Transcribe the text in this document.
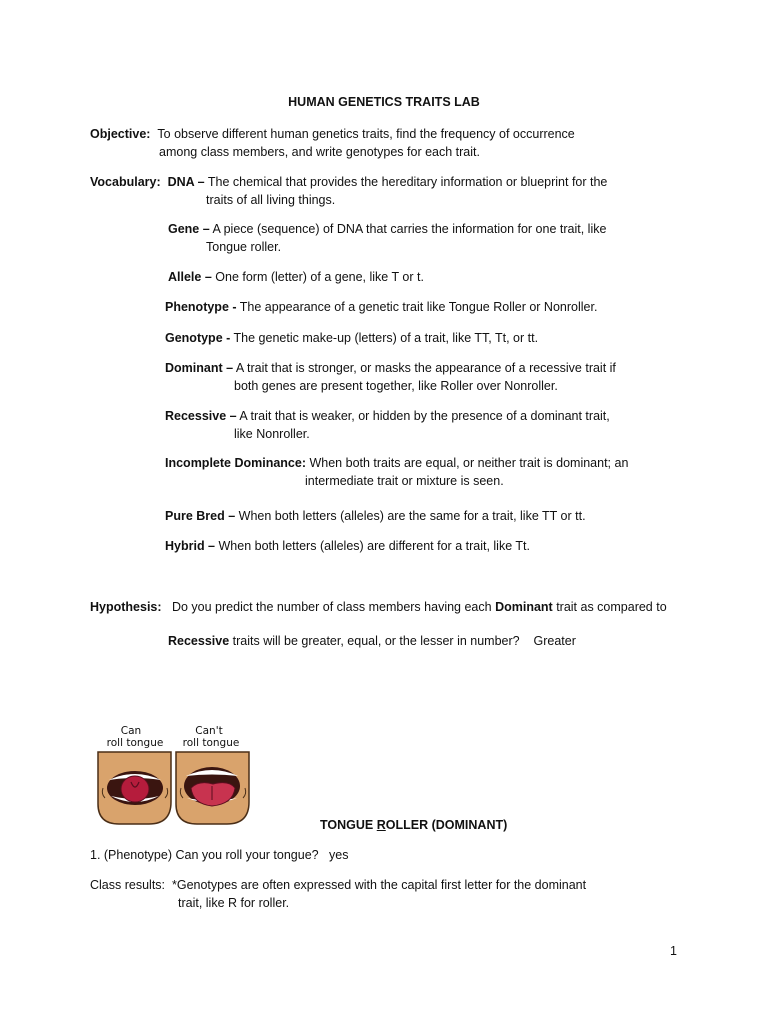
HUMAN GENETICS TRAITS LAB
Objective: To observe different human genetics traits, find the frequency of occurrence
among class members, and write genotypes for each trait.
Vocabulary: DNA – The chemical that provides the hereditary information or blueprint for the
traits of all living things.
Gene – A piece (sequence) of DNA that carries the information for one trait, like
Tongue roller.
Allele – One form (letter) of a gene, like T or t.
Phenotype - The appearance of a genetic trait like Tongue Roller or Nonroller.
Genotype - The genetic make-up (letters) of a trait, like TT, Tt, or tt.
Dominant – A trait that is stronger, or masks the appearance of a recessive trait if
both genes are present together, like Roller over Nonroller.
Recessive – A trait that is weaker, or hidden by the presence of a dominant trait,
like Nonroller.
Incomplete Dominance: When both traits are equal, or neither trait is dominant; an
intermediate trait or mixture is seen.
Pure Bred – When both letters (alleles) are the same for a trait, like TT or tt.
Hybrid – When both letters (alleles) are different for a trait, like Tt.
Hypothesis: Do you predict the number of class members having each Dominant trait as compared to
Recessive traits will be greater, equal, or the lesser in number? Greater
Can
roll tongue
Can't
roll tongue
TONGUE ROLLER (DOMINANT)
1. (Phenotype) Can you roll your tongue? yes
Class results: *Genotypes are often expressed with the capital first letter for the dominant
trait, like R for roller.
1
